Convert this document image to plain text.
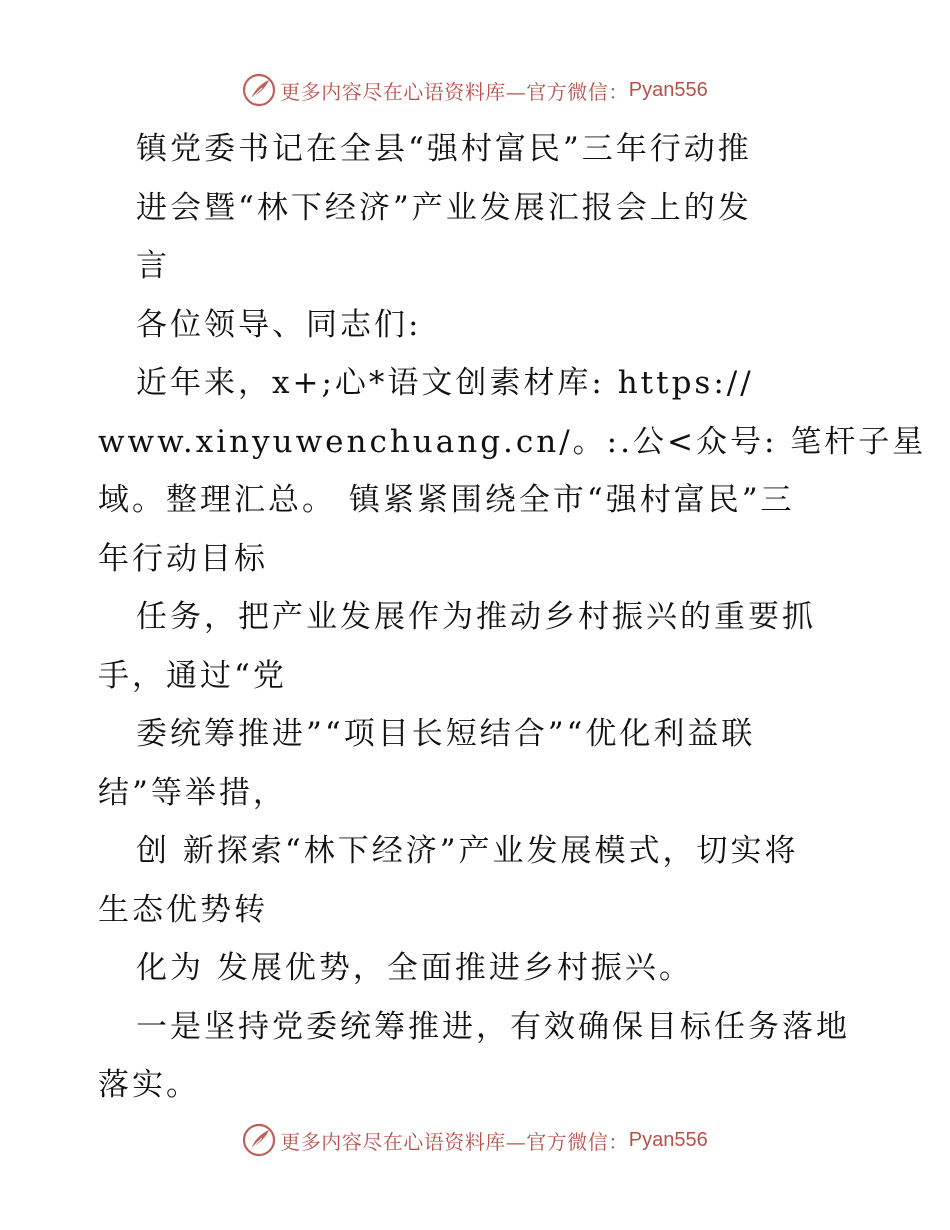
更多内容尽在心语资料库—官方微信： Pyan556
镇党委书记在全县“强村富民”三年行动推
进会暨“林下经济”产业发展汇报会上的发
言
各位领导、同志们:
近年来，x+;心*语文创素材库: https://
www.xinyuwenchuang.cn/。:.公<众号: 笔杆子星
域。整理汇总。 镇紧紧围绕全市“强村富民”三
年行动目标
任务，把产业发展作为推动乡村振兴的重要抓
手，通过“党
委统筹推进”“项目长短结合”“优化利益联
结”等举措，
创 新探索“林下经济”产业发展模式，切实将
生态优势转
化为 发展优势，全面推进乡村振兴。
一是坚持党委统筹推进，有效确保目标任务落地
落实。
更多内容尽在心语资料库—官方微信： Pyan556
